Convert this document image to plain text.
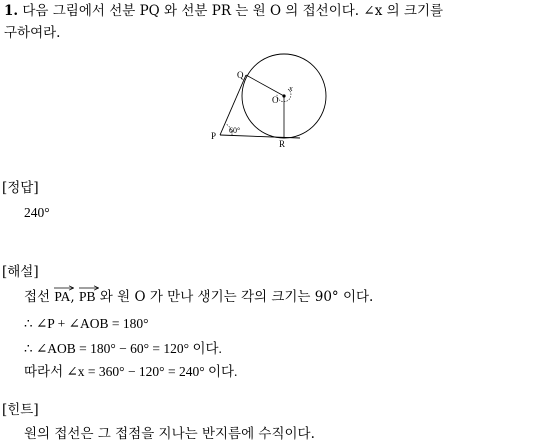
1. 다음 그림에서 선분 PQ 와 선분 PR 는 원 O 의 접선이다. ∠x 의 크기를
구하여라.
Q
O
x
P
60°
R
[정답]
240°
[해설]
접선
PA,
PB 와 원 O 가 만나 생기는 각의 크기는 90° 이다.
∴ ∠P + ∠AOB = 180°
∴ ∠AOB = 180° − 60° = 120° 이다.
따라서 ∠x = 360° − 120° = 240° 이다.
[힌트]
원의 접선은 그 접점을 지나는 반지름에 수직이다.
